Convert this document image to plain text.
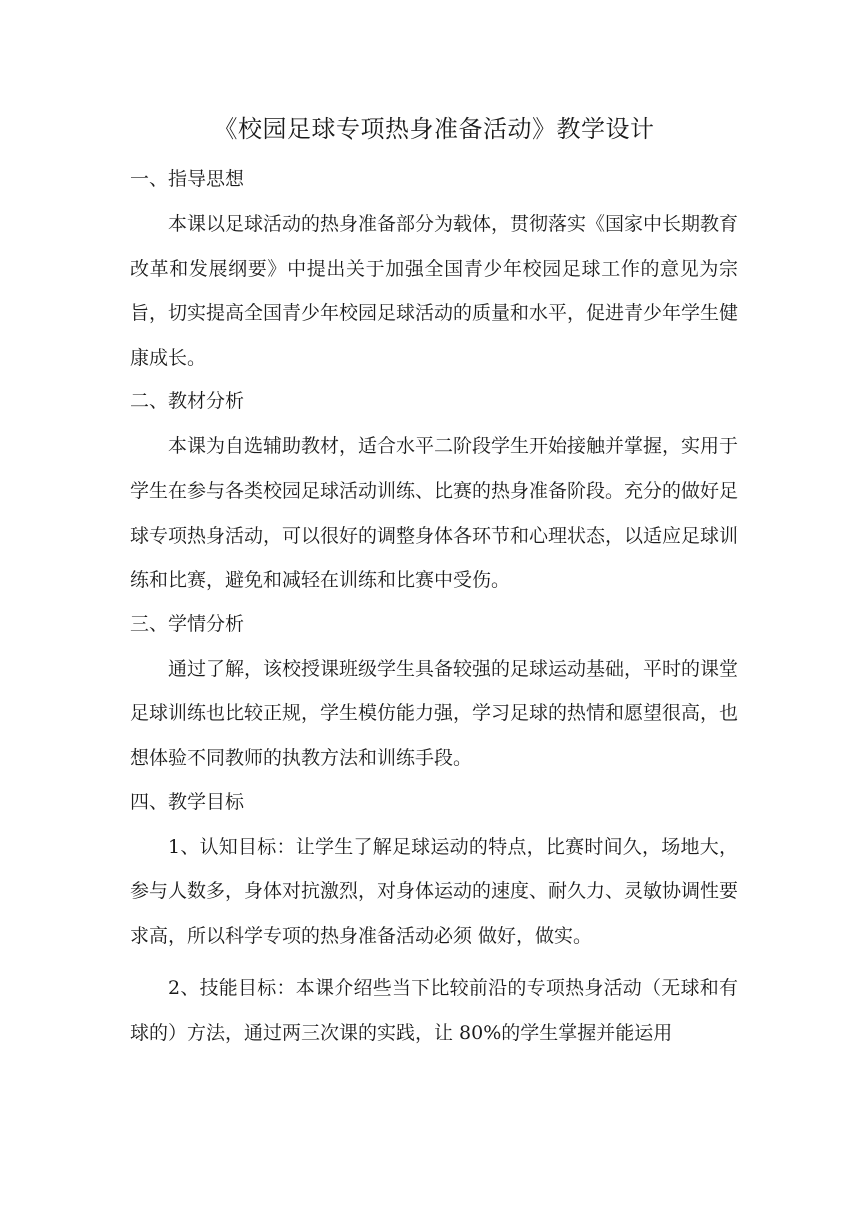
《校园足球专项热身准备活动》教学设计
一、指导思想

本课以足球活动的热身准备部分为载体，贯彻落实《国家中长期教育改革和发展纲要》中提出关于加强全国青少年校园足球工作的意见为宗旨，切实提高全国青少年校园足球活动的质量和水平，促进青少年学生健康成长。

二、教材分析

本课为自选辅助教材，适合水平二阶段学生开始接触并掌握，实用于学生在参与各类校园足球活动训练、比赛的热身准备阶段。充分的做好足球专项热身活动，可以很好的调整身体各环节和心理状态，以适应足球训练和比赛，避免和减轻在训练和比赛中受伤。

三、学情分析

通过了解，该校授课班级学生具备较强的足球运动基础，平时的课堂足球训练也比较正规，学生模仿能力强，学习足球的热情和愿望很高，也想体验不同教师的执教方法和训练手段。

四、教学目标

1、认知目标：让学生了解足球运动的特点，比赛时间久，场地大，参与人数多，身体对抗激烈，对身体运动的速度、耐久力、灵敏协调性要求高，所以科学专项的热身准备活动必须 做好，做实。

2、技能目标：本课介绍些当下比较前沿的专项热身活动（无球和有球的）方法，通过两三次课的实践，让 80%的学生掌握并能运用
